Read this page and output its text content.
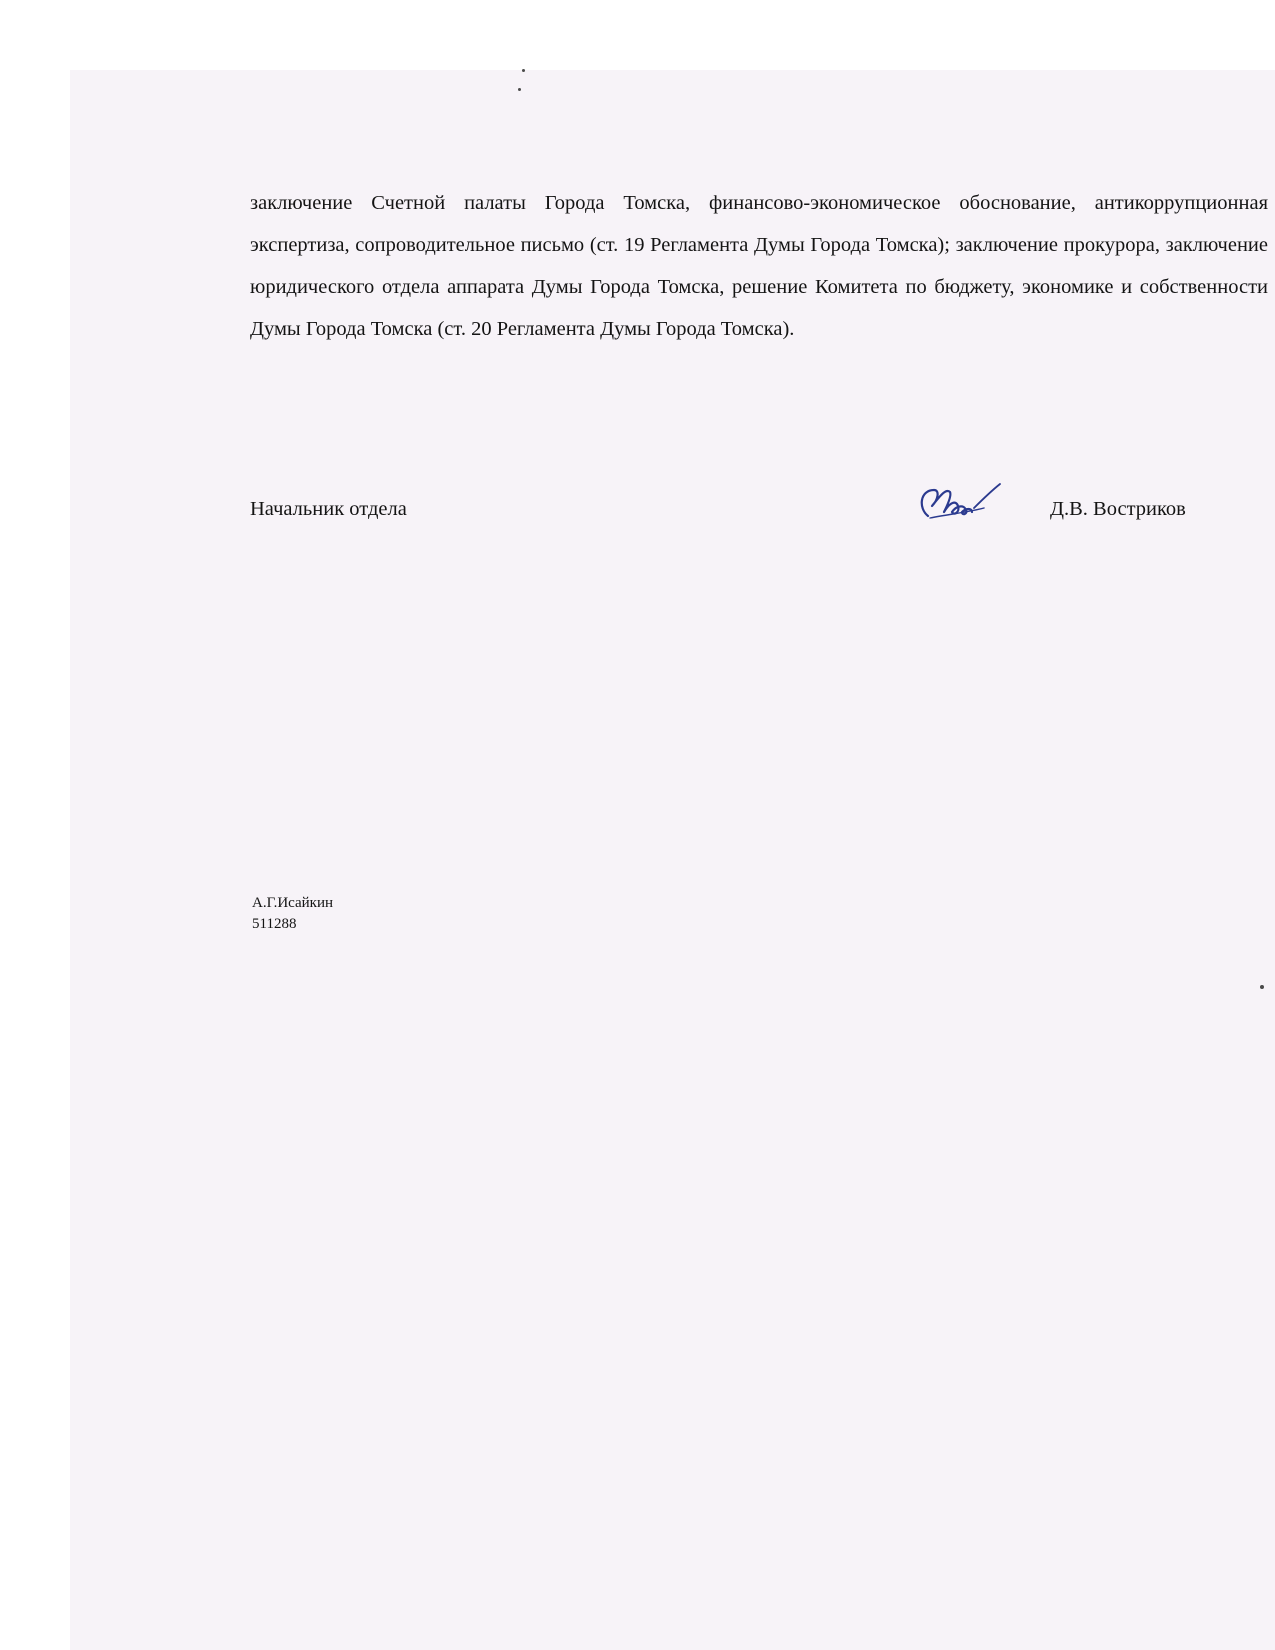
заключение Счетной палаты Города Томска, финансово-экономическое обоснование, антикоррупционная экспертиза, сопроводительное письмо (ст. 19 Регламента Думы Города Томска); заключение прокурора, заключение юридического отдела аппарата Думы Города Томска, решение Комитета по бюджету, экономике и собственности Думы Города Томска (ст. 20 Регламента Думы Города Томска).

Начальник отдела	Д.В. Востриков
А.Г.Исайкин
511288
